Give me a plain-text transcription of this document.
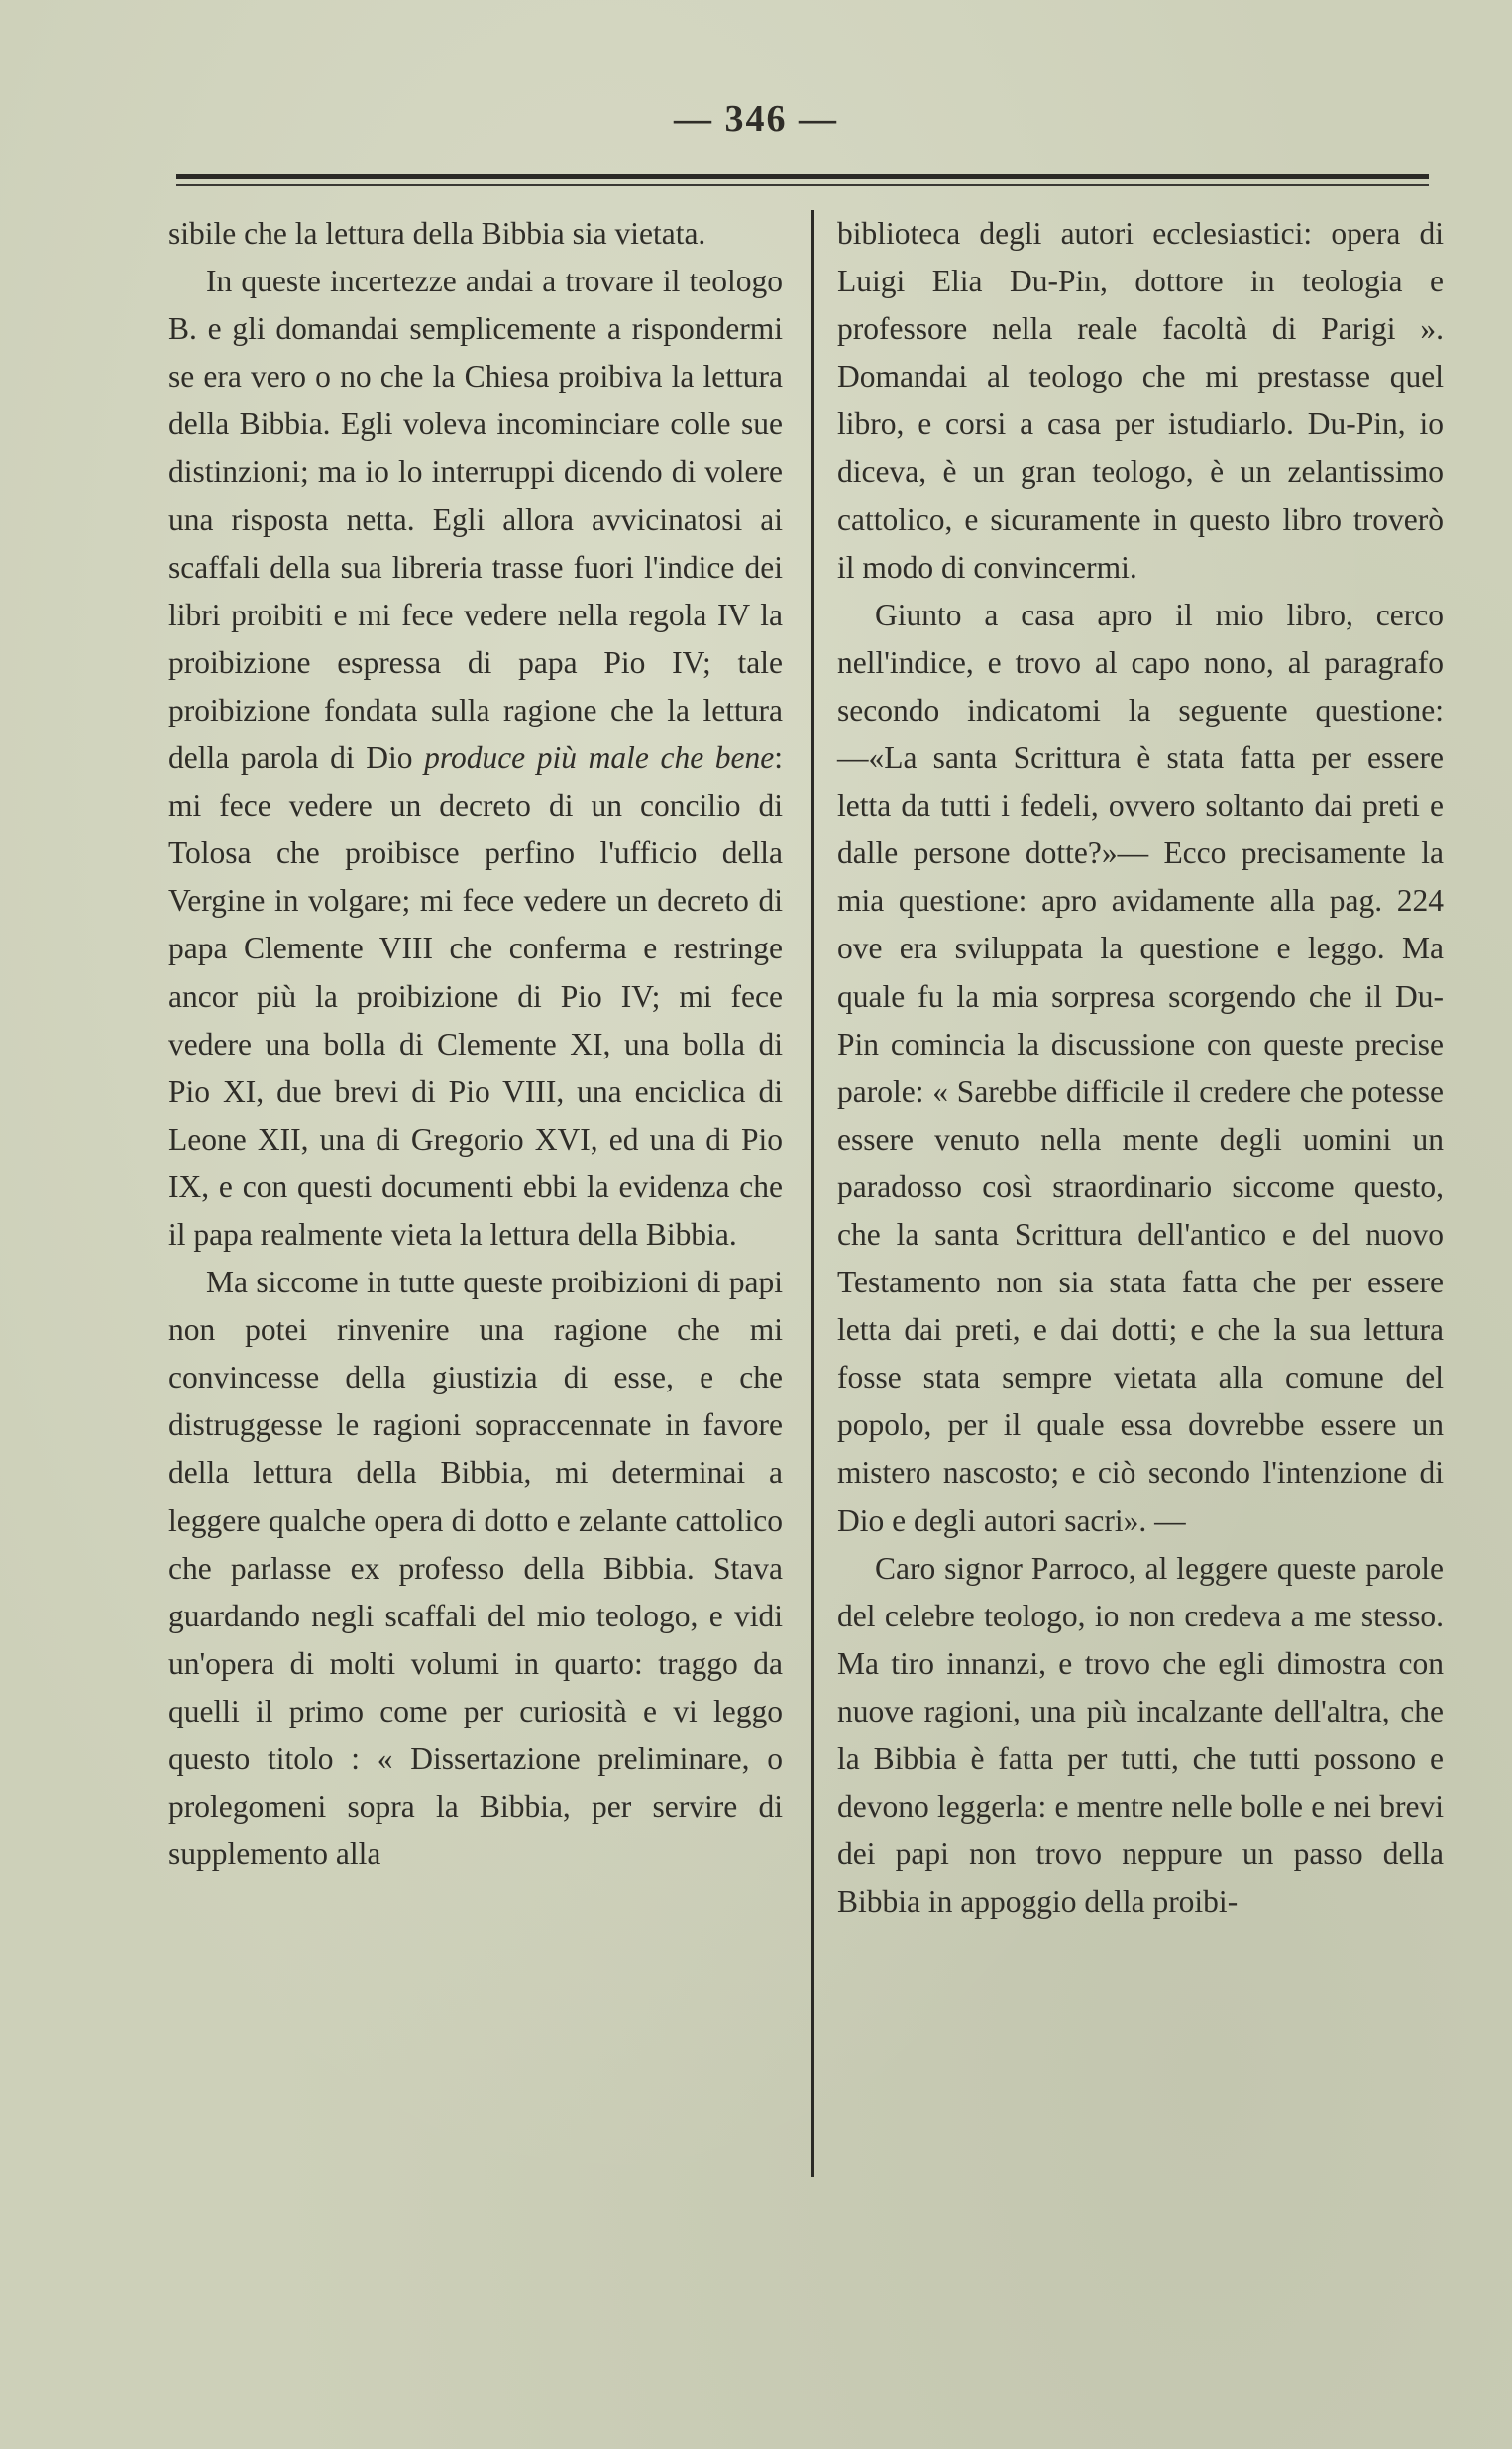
— 346 —

sibile che la lettura della Bibbia sia vietata.

In queste incertezze andai a trovare il teologo B. e gli domandai semplicemente a rispondermi se era vero o no che la Chiesa proibiva la lettura della Bibbia. Egli voleva incominciare colle sue distinzioni; ma io lo interruppi dicendo di volere una risposta netta. Egli allora avvicinatosi ai scaffali della sua libreria trasse fuori l'indice dei libri proibiti e mi fece vedere nella regola IV la proibizione espressa di papa Pio IV; tale proibizione fondata sulla ragione che la lettura della parola di Dio produce più male che bene: mi fece vedere un decreto di un concilio di Tolosa che proibisce perfino l'ufficio della Vergine in volgare; mi fece vedere un decreto di papa Clemente VIII che conferma e restringe ancor più la proibizione di Pio IV; mi fece vedere una bolla di Clemente XI, una bolla di Pio XI, due brevi di Pio VIII, una enciclica di Leone XII, una di Gregorio XVI, ed una di Pio IX, e con questi documenti ebbi la evidenza che il papa realmente vieta la lettura della Bibbia.

Ma siccome in tutte queste proibizioni di papi non potei rinvenire una ragione che mi convincesse della giustizia di esse, e che distruggesse le ragioni sopraccennate in favore della lettura della Bibbia, mi determinai a leggere qualche opera di dotto e zelante cattolico che parlasse ex professo della Bibbia. Stava guardando negli scaffali del mio teologo, e vidi un'opera di molti volumi in quarto: traggo da quelli il primo come per curiosità e vi leggo questo titolo : « Dissertazione preliminare, o prolegomeni sopra la Bibbia, per servire di supplemento alla

biblioteca degli autori ecclesiastici: opera di Luigi Elia Du-Pin, dottore in teologia e professore nella reale facoltà di Parigi ». Domandai al teologo che mi prestasse quel libro, e corsi a casa per istudiarlo. Du-Pin, io diceva, è un gran teologo, è un zelantissimo cattolico, e sicuramente in questo libro troverò il modo di convincermi.

Giunto a casa apro il mio libro, cerco nell'indice, e trovo al capo nono, al paragrafo secondo indicatomi la seguente questione: —«La santa Scrittura è stata fatta per essere letta da tutti i fedeli, ovvero soltanto dai preti e dalle persone dotte?»— Ecco precisamente la mia questione: apro avidamente alla pag. 224 ove era sviluppata la questione e leggo. Ma quale fu la mia sorpresa scorgendo che il Du-Pin comincia la discussione con queste precise parole: « Sarebbe difficile il credere che potesse essere venuto nella mente degli uomini un paradosso così straordinario siccome questo, che la santa Scrittura dell'antico e del nuovo Testamento non sia stata fatta che per essere letta dai preti, e dai dotti; e che la sua lettura fosse stata sempre vietata alla comune del popolo, per il quale essa dovrebbe essere un mistero nascosto; e ciò secondo l'intenzione di Dio e degli autori sacri». —

Caro signor Parroco, al leggere queste parole del celebre teologo, io non credeva a me stesso. Ma tiro innanzi, e trovo che egli dimostra con nuove ragioni, una più incalzante dell'altra, che la Bibbia è fatta per tutti, che tutti possono e devono leggerla: e mentre nelle bolle e nei brevi dei papi non trovo neppure un passo della Bibbia in appoggio della proibi-
